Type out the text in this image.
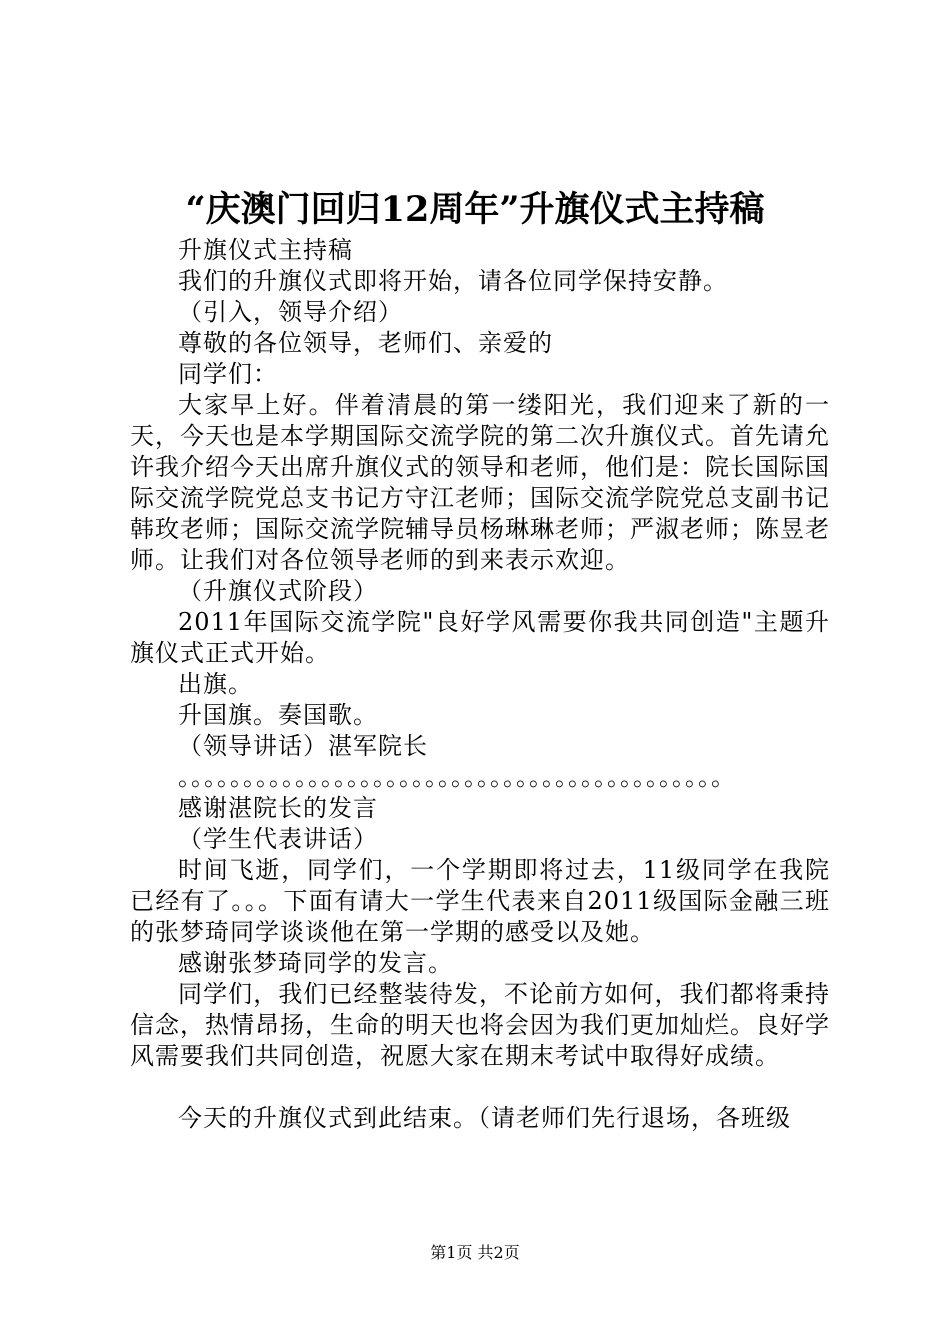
“庆澳门回归12周年”升旗仪式主持稿

升旗仪式主持稿

我们的升旗仪式即将开始，请各位同学保持安静。

（引入，领导介绍）

尊敬的各位领导，老师们、亲爱的

同学们：

大家早上好。伴着清晨的第一缕阳光，我们迎来了新的一天，今天也是本学期国际交流学院的第二次升旗仪式。首先请允许我介绍今天出席升旗仪式的领导和老师，他们是：院长国际国际交流学院党总支书记方守江老师；国际交流学院党总支副书记韩玫老师；国际交流学院辅导员杨琳琳老师；严淑老师；陈昱老师。让我们对各位领导老师的到来表示欢迎。

（升旗仪式阶段）

2011年国际交流学院"良好学风需要你我共同创造"主题升旗仪式正式开始。

出旗。

升国旗。奏国歌。

（领导讲话）湛军院长

。。。。。。。。。。。。。。。。。。。。。。。。。。。。。。。。。。。。。。。。。。

感谢湛院长的发言

（学生代表讲话）

时间飞逝，同学们，一个学期即将过去，11级同学在我院已经有了。。。下面有请大一学生代表来自2011级国际金融三班的张梦琦同学谈谈他在第一学期的感受以及她。

感谢张梦琦同学的发言。

同学们，我们已经整装待发，不论前方如何，我们都将秉持信念，热情昂扬，生命的明天也将会因为我们更加灿烂。良好学风需要我们共同创造，祝愿大家在期末考试中取得好成绩。

今天的升旗仪式到此结束。（请老师们先行退场，各班级

第1页 共2页
